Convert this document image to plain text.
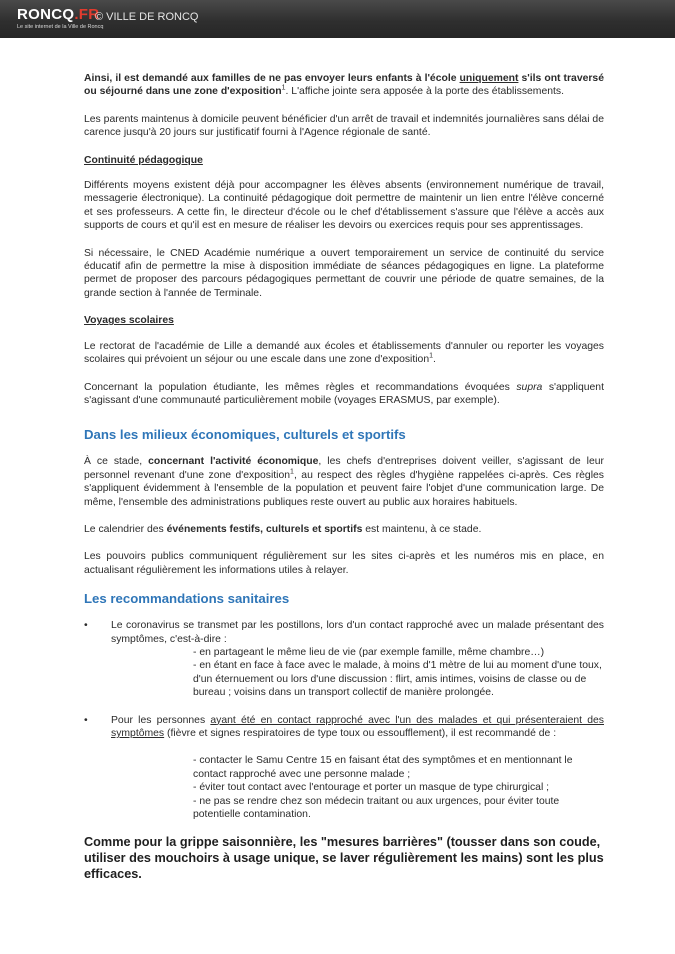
RONCQ.FR
Le site internet de la Ville de Roncq
© VILLE DE RONCQ

Ainsi, il est demandé aux familles de ne pas envoyer leurs enfants à l'école uniquement s'ils ont traversé ou séjourné dans une zone d'exposition$^1$. L'affiche jointe sera apposée à la porte des établissements.

Les parents maintenus à domicile peuvent bénéficier d'un arrêt de travail et indemnités journalières sans délai de carence jusqu'à 20 jours sur justificatif fourni à l'Agence régionale de santé.

Continuité pédagogique

Différents moyens existent déjà pour accompagner les élèves absents (environnement numérique de travail, messagerie électronique). La continuité pédagogique doit permettre de maintenir un lien entre l'élève concerné et ses professeurs. A cette fin, le directeur d'école ou le chef d'établissement s'assure que l'élève a accès aux supports de cours et qu'il est en mesure de réaliser les devoirs ou exercices requis pour ses apprentissages.

Si nécessaire, le CNED Académie numérique a ouvert temporairement un service de continuité du service éducatif afin de permettre la mise à disposition immédiate de séances pédagogiques en ligne. La plateforme permet de proposer des parcours pédagogiques permettant de couvrir une période de quatre semaines, de la grande section à l'année de Terminale.

Voyages scolaires

Le rectorat de l'académie de Lille a demandé aux écoles et établissements d'annuler ou reporter les voyages scolaires qui prévoient un séjour ou une escale dans une zone d'exposition$^1$.

Concernant la population étudiante, les mêmes règles et recommandations évoquées supra s'appliquent s'agissant d'une communauté particulièrement mobile (voyages ERASMUS, par exemple).

Dans les milieux économiques, culturels et sportifs

À ce stade, concernant l'activité économique, les chefs d'entreprises doivent veiller, s'agissant de leur personnel revenant d'une zone d'exposition$^1$, au respect des règles d'hygiène rappelées ci-après. Ces règles s'appliquent évidemment à l'ensemble de la population et peuvent faire l'objet d'une communication large. De même, l'ensemble des administrations publiques reste ouvert au public aux horaires habituels.

Le calendrier des événements festifs, culturels et sportifs est maintenu, à ce stade.

Les pouvoirs publics communiquent régulièrement sur les sites ci-après et les numéros mis en place, en actualisant régulièrement les informations utiles à relayer.

Les recommandations sanitaires
• Le coronavirus se transmet par les postillons, lors d'un contact rapproché avec un malade présentant des symptômes, c'est-à-dire :
- en partageant le même lieu de vie (par exemple famille, même chambre…)
- en étant en face à face avec le malade, à moins d'1 mètre de lui au moment d'une toux, d'un éternuement ou lors d'une discussion : flirt, amis intimes, voisins de classe ou de bureau ; voisins dans un transport collectif de manière prolongée.
• Pour les personnes ayant été en contact rapproché avec l'un des malades et qui présenteraient des symptômes (fièvre et signes respiratoires de type toux ou essoufflement), il est recommandé de :
- contacter le Samu Centre 15 en faisant état des symptômes et en mentionnant le contact rapproché avec une personne malade ;
- éviter tout contact avec l'entourage et porter un masque de type chirurgical ;
- ne pas se rendre chez son médecin traitant ou aux urgences, pour éviter toute potentielle contamination.
Comme pour la grippe saisonnière, les "mesures barrières" (tousser dans son coude, utiliser des mouchoirs à usage unique, se laver régulièrement les mains) sont les plus efficaces.
